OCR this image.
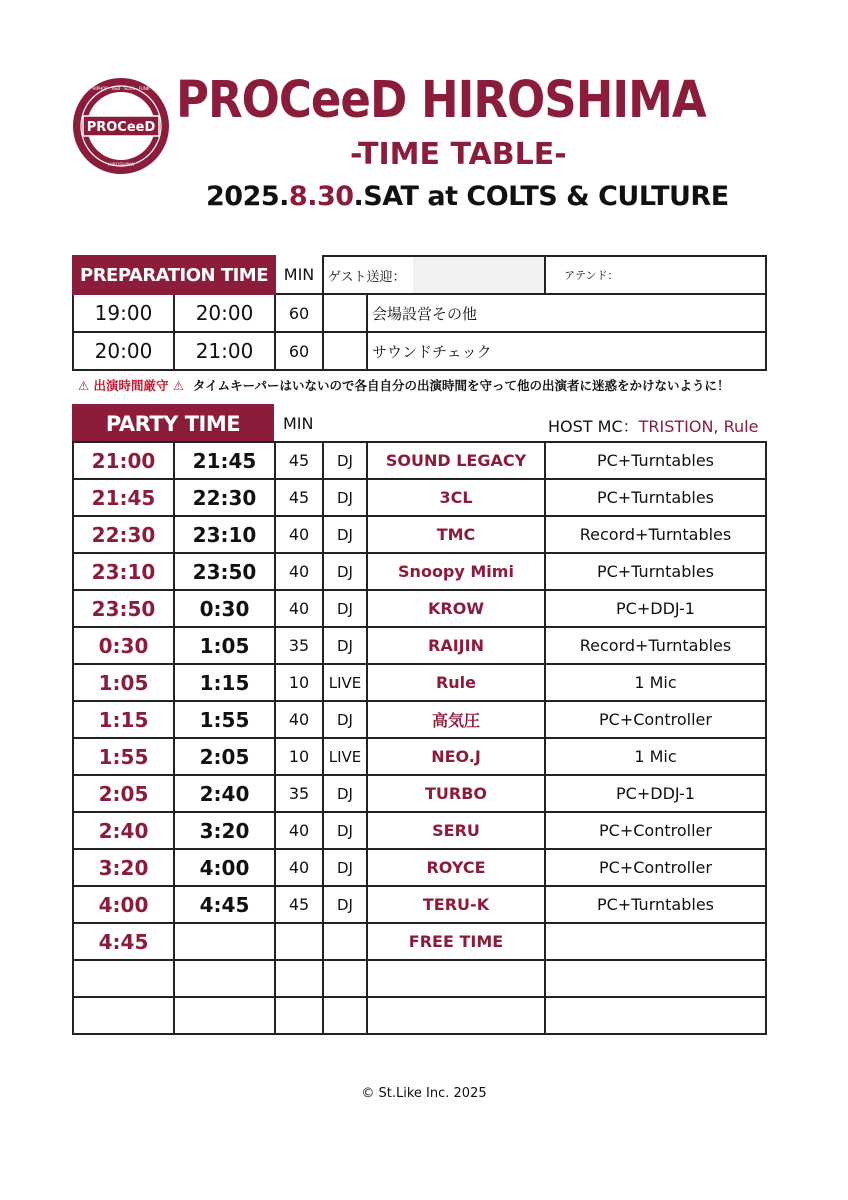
PROCeeD
HIPHOP · R&B · SOUL · FUNK
HIROSHIMA
PROCeeD HIROSHIMA
-TIME TABLE-

2025.8.30.SAT at COLTS & CULTURE

PREPARATION TIME		MIN	ゲスト送迎：			アテンド：	
19:00	20:00	60		会場設営その他			
20:00	21:00	60		サウンドチェック			

⚠ 出演時間厳守 ⚠ タイムキーパーはいないので各自自分の出演時間を守って他の出演者に迷惑をかけないように！

PARTY TIME	MIN	HOST MC：TRISTION, Rule
21:00	21:45	45	DJ	SOUND LEGACY	PC+Turntables
21:45	22:30	45	DJ	3CL	PC+Turntables
22:30	23:10	40	DJ	TMC	Record+Turntables
23:10	23:50	40	DJ	Snoopy Mimi	PC+Turntables
23:50	0:30	40	DJ	KROW	PC+DDJ-1
0:30	1:05	35	DJ	RAIJIN	Record+Turntables
1:05	1:15	10	LIVE	Rule	1 Mic
1:15	1:55	40	DJ	高気圧	PC+Controller
1:55	2:05	10	LIVE	NEO.J	1 Mic
2:05	2:40	35	DJ	TURBO	PC+DDJ-1
2:40	3:20	40	DJ	SERU	PC+Controller
3:20	4:00	40	DJ	ROYCE	PC+Controller
4:00	4:45	45	DJ	TERU-K	PC+Turntables
4:45				FREE TIME	

© St.Like Inc. 2025
